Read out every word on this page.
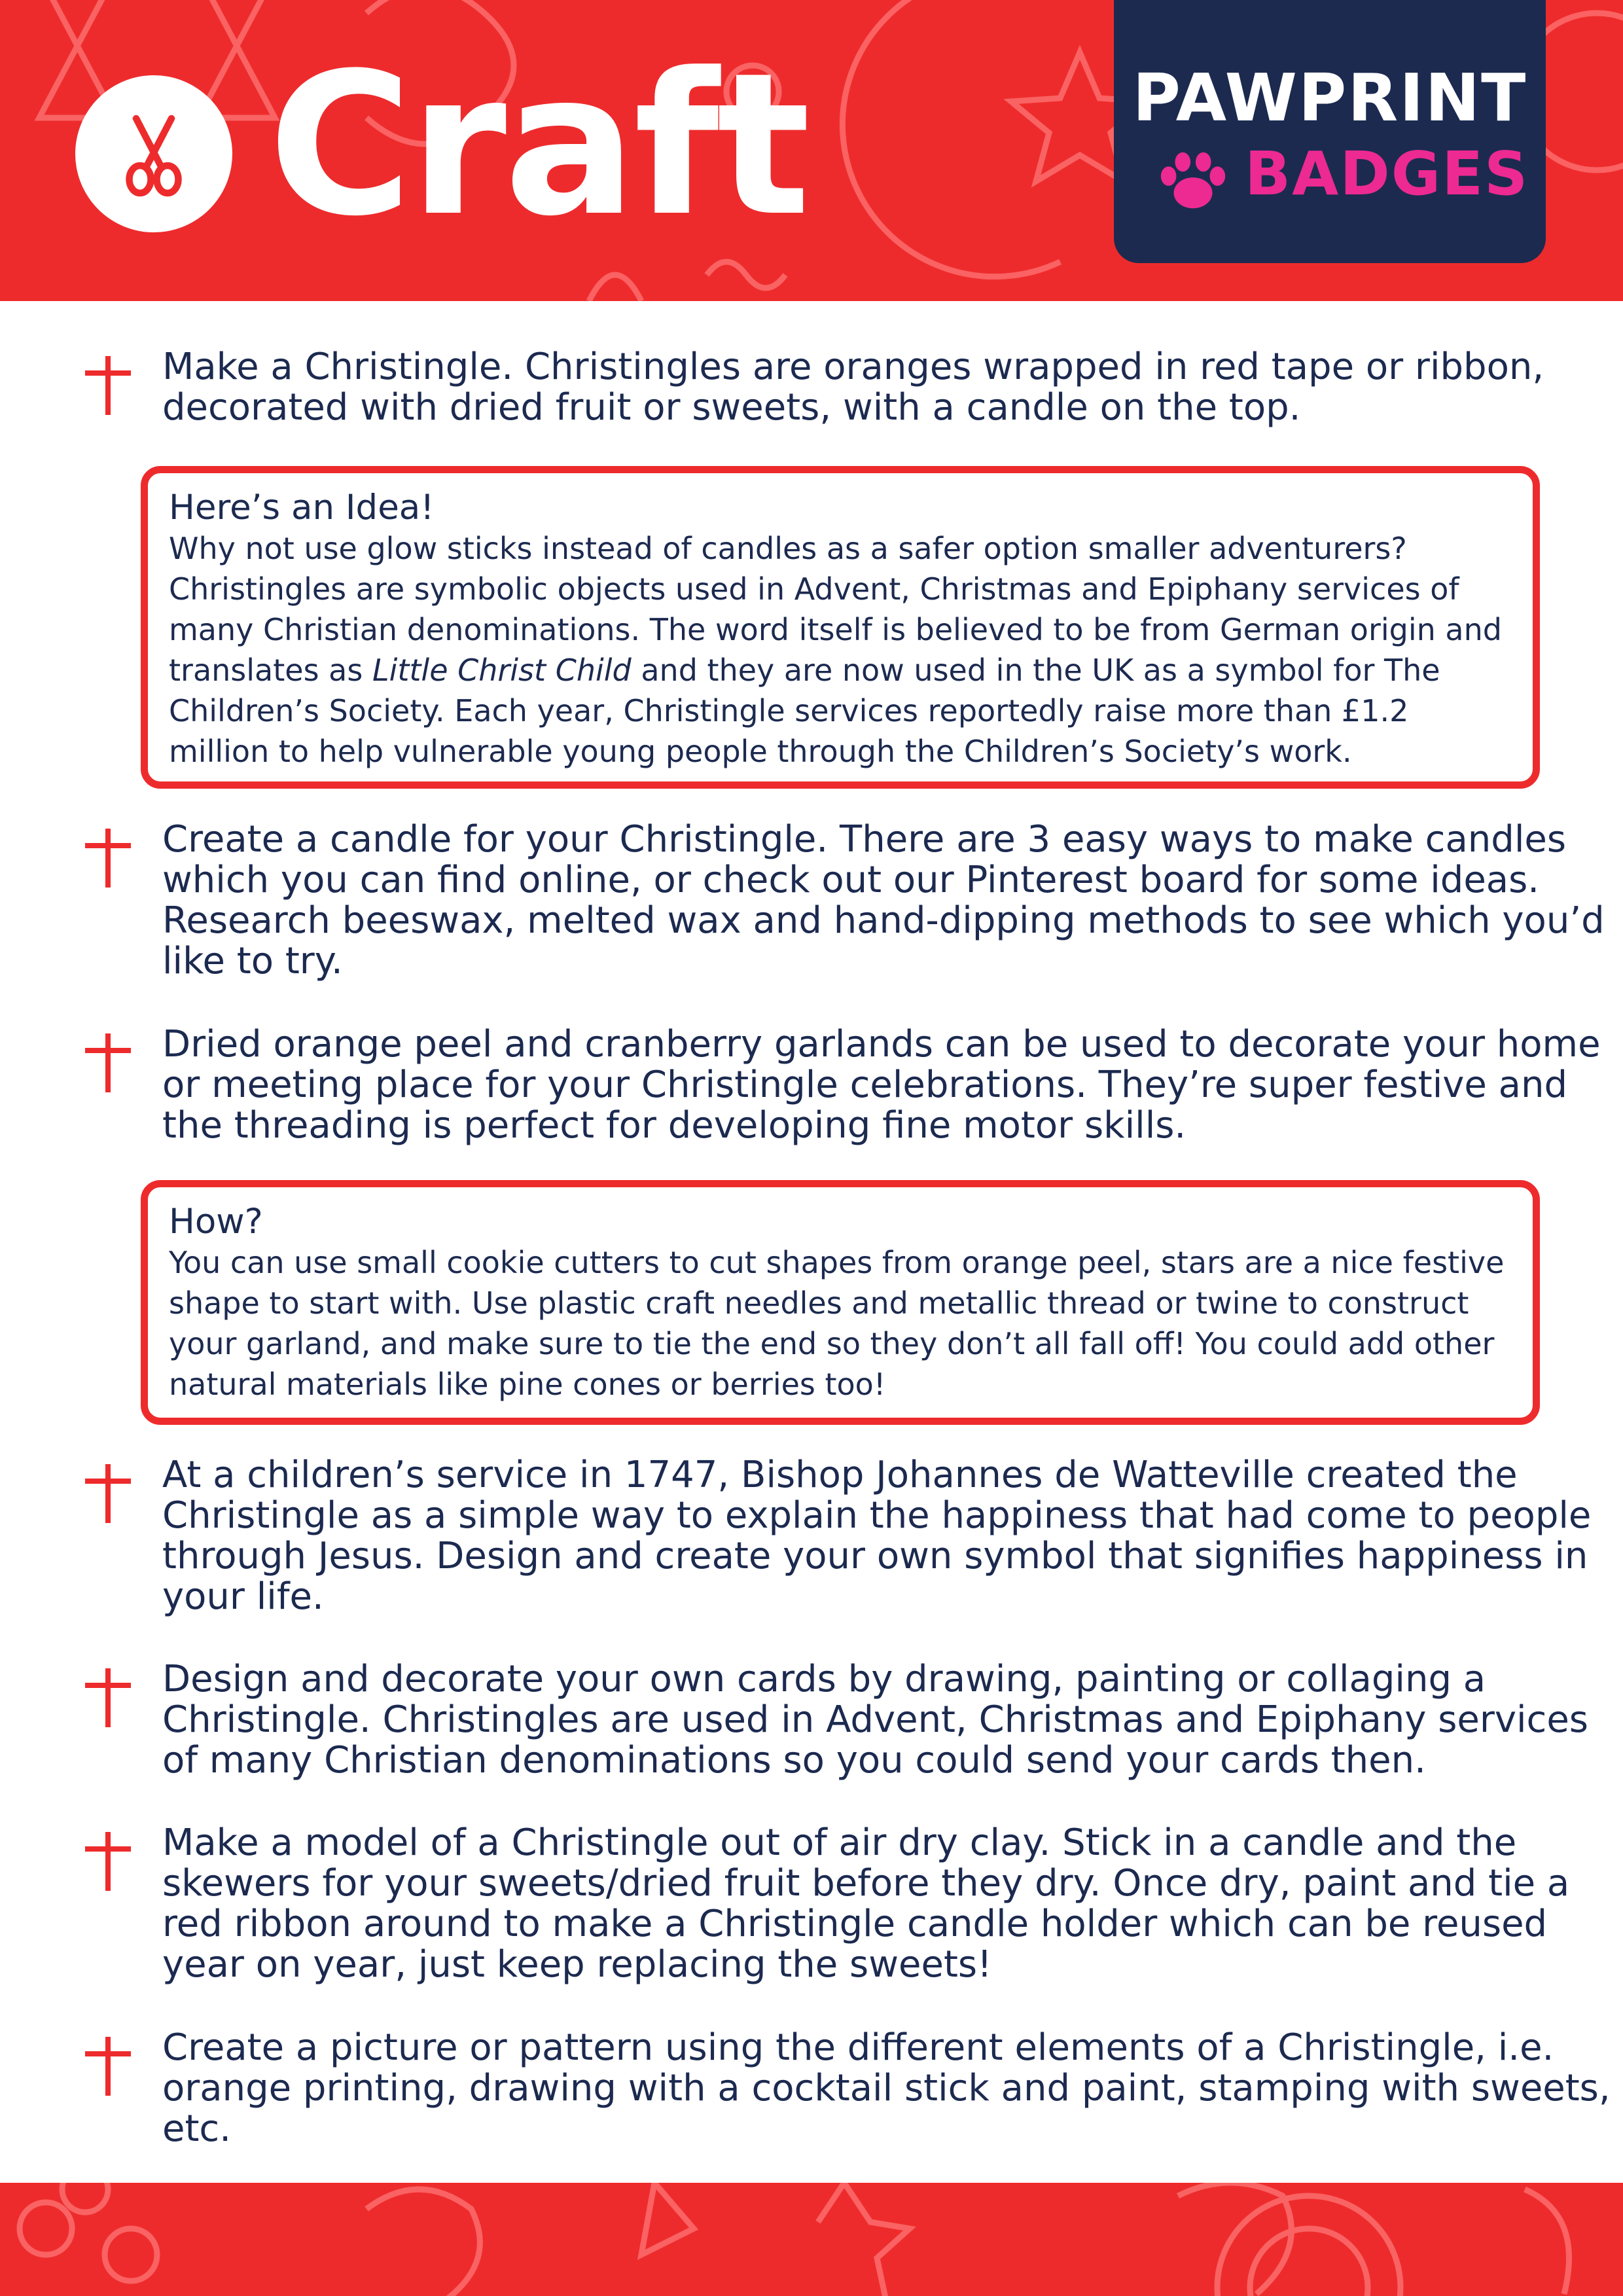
Craft	PAWPRINT
BADGES
Make a Christingle. Christingles are oranges wrapped in red tape or ribbon, decorated with dried fruit or sweets, with a candle on the top.

Here’s an Idea!

Why not use glow sticks instead of candles as a safer option smaller adventurers? Christingles are symbolic objects used in Advent, Christmas and Epiphany services of many Christian denominations. The word itself is believed to be from German origin and translates as Little Christ Child and they are now used in the UK as a symbol for The Children’s Society. Each year, Christingle services reportedly raise more than £1.2 million to help vulnerable young people through the Children’s Society’s work.

Create a candle for your Christingle. There are 3 easy ways to make candles which you can find online, or check out our Pinterest board for some ideas. Research beeswax, melted wax and hand-dipping methods to see which you’d like to try.
Dried orange peel and cranberry garlands can be used to decorate your home or meeting place for your Christingle celebrations. They’re super festive and the threading is perfect for developing fine motor skills.

How?

You can use small cookie cutters to cut shapes from orange peel, stars are a nice festive shape to start with. Use plastic craft needles and metallic thread or twine to construct your garland, and make sure to tie the end so they don’t all fall off! You could add other natural materials like pine cones or berries too!

At a children’s service in 1747, Bishop Johannes de Watteville created the Christingle as a simple way to explain the happiness that had come to people through Jesus. Design and create your own symbol that signifies happiness in your life.
Design and decorate your own cards by drawing, painting or collaging a Christingle. Christingles are used in Advent, Christmas and Epiphany services of many Christian denominations so you could send your cards then.
Make a model of a Christingle out of air dry clay. Stick in a candle and the skewers for your sweets/dried fruit before they dry. Once dry, paint and tie a red ribbon around to make a Christingle candle holder which can be reused year on year, just keep replacing the sweets!
Create a picture or pattern using the different elements of a Christingle, i.e. orange printing, drawing with a cocktail stick and paint, stamping with sweets, etc.
